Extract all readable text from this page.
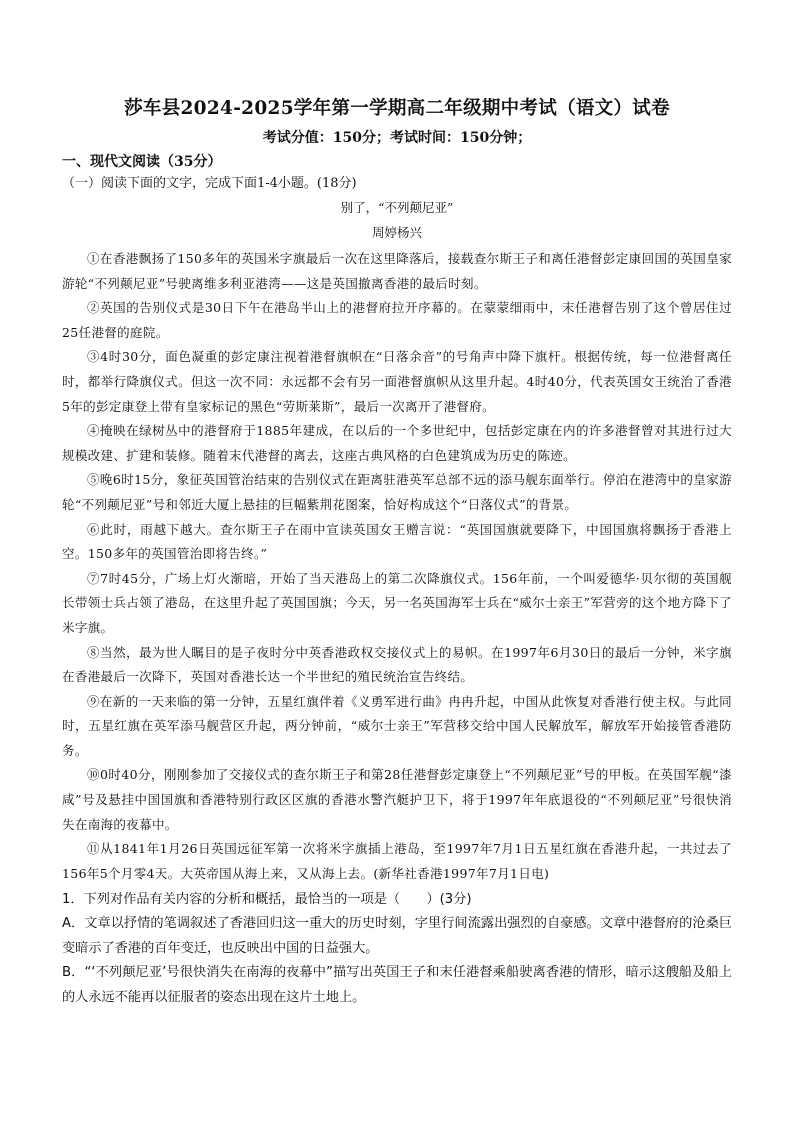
莎车县2024-2025学年第一学期高二年级期中考试（语文）试卷

考试分值：150分；考试时间：150分钟；

一、现代文阅读（35分）

（一）阅读下面的文字，完成下面1-4小题。(18分)

别了，“不列颠尼亚”

周婷杨兴

①在香港飘扬了150多年的英国米字旗最后一次在这里降落后，接载查尔斯王子和离任港督彭定康回国的英国皇家游轮“不列颠尼亚”号驶离维多利亚港湾——这是英国撤离香港的最后时刻。

②英国的告别仪式是30日下午在港岛半山上的港督府拉开序幕的。在蒙蒙细雨中，末任港督告别了这个曾居住过25任港督的庭院。

③4时30分，面色凝重的彭定康注视着港督旗帜在“日落余音”的号角声中降下旗杆。根据传统，每一位港督离任时，都举行降旗仪式。但这一次不同：永远都不会有另一面港督旗帜从这里升起。4时40分，代表英国女王统治了香港5年的彭定康登上带有皇家标记的黑色“劳斯莱斯”，最后一次离开了港督府。

④掩映在绿树丛中的港督府于1885年建成，在以后的一个多世纪中，包括彭定康在内的许多港督曾对其进行过大规模改建、扩建和装修。随着末代港督的离去，这座古典风格的白色建筑成为历史的陈迹。

⑤晚6时15分，象征英国管治结束的告别仪式在距离驻港英军总部不远的添马舰东面举行。停泊在港湾中的皇家游轮“不列颠尼亚”号和邻近大厦上悬挂的巨幅紫荆花图案，恰好构成这个“日落仪式”的背景。

⑥此时，雨越下越大。查尔斯王子在雨中宣读英国女王赠言说：“英国国旗就要降下，中国国旗将飘扬于香港上空。150多年的英国管治即将告终。”

⑦7时45分，广场上灯火渐暗，开始了当天港岛上的第二次降旗仪式。156年前，一个叫爱德华·贝尔彻的英国舰长带领士兵占领了港岛，在这里升起了英国国旗；今天，另一名英国海军士兵在“威尔士亲王”军营旁的这个地方降下了米字旗。

⑧当然，最为世人瞩目的是子夜时分中英香港政权交接仪式上的易帜。在1997年6月30日的最后一分钟，米字旗在香港最后一次降下，英国对香港长达一个半世纪的殖民统治宣告终结。

⑨在新的一天来临的第一分钟，五星红旗伴着《义勇军进行曲》冉冉升起，中国从此恢复对香港行使主权。与此同时，五星红旗在英军添马舰营区升起，两分钟前，“威尔士亲王”军营移交给中国人民解放军，解放军开始接管香港防务。

⑩0时40分，刚刚参加了交接仪式的查尔斯王子和第28任港督彭定康登上“不列颠尼亚”号的甲板。在英国军舰“漆咸”号及悬挂中国国旗和香港特别行政区区旗的香港水警汽艇护卫下，将于1997年年底退役的“不列颠尼亚”号很快消失在南海的夜幕中。

⑪从1841年1月26日英国远征军第一次将米字旗插上港岛，至1997年7月1日五星红旗在香港升起，一共过去了156年5个月零4天。大英帝国从海上来，又从海上去。(新华社香港1997年7月1日电)

1．下列对作品有关内容的分析和概括，最恰当的一项是（　　）(3分)

A．文章以抒情的笔调叙述了香港回归这一重大的历史时刻，字里行间流露出强烈的自豪感。文章中港督府的沧桑巨变暗示了香港的百年变迁，也反映出中国的日益强大。

B．“‘不列颠尼亚’号很快消失在南海的夜幕中”描写出英国王子和末任港督乘船驶离香港的情形，暗示这艘船及船上的人永远不能再以征服者的姿态出现在这片土地上。
